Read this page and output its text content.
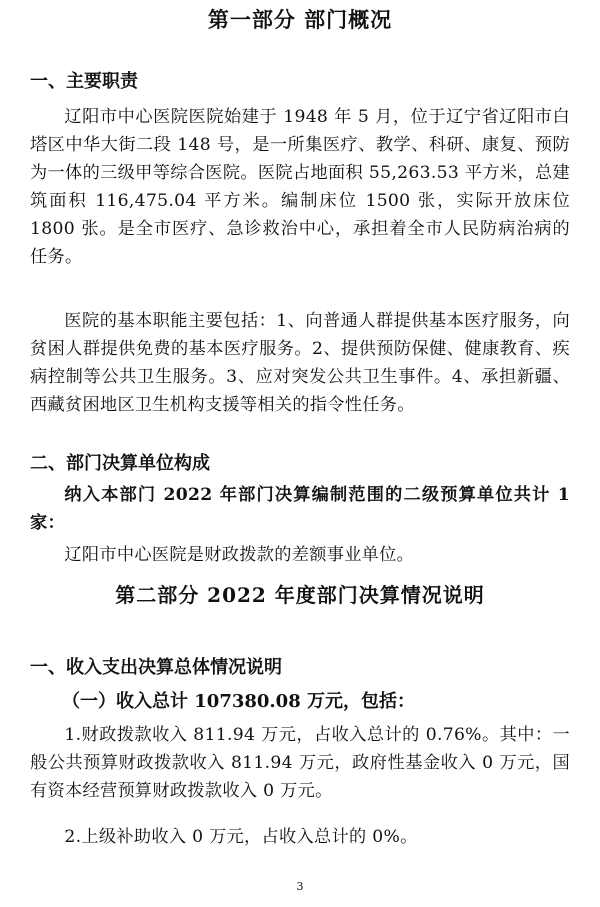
第一部分 部门概况
一、主要职责

辽阳市中心医院医院始建于 1948 年 5 月，位于辽宁省辽阳市白塔区中华大街二段 148 号，是一所集医疗、教学、科研、康复、预防为一体的三级甲等综合医院。医院占地面积 55,263.53 平方米，总建筑面积 116,475.04 平方米。编制床位 1500 张，实际开放床位 1800 张。是全市医疗、急诊救治中心，承担着全市人民防病治病的任务。

医院的基本职能主要包括：1、向普通人群提供基本医疗服务，向贫困人群提供免费的基本医疗服务。2、提供预防保健、健康教育、疾病控制等公共卫生服务。3、应对突发公共卫生事件。4、承担新疆、西藏贫困地区卫生机构支援等相关的指令性任务。

二、部门决算单位构成

纳入本部门 2022 年部门决算编制范围的二级预算单位共计 1 家：

辽阳市中心医院是财政拨款的差额事业单位。

第二部分 2022 年度部门决算情况说明
一、收入支出决算总体情况说明
（一）收入总计 107380.08 万元，包括：

1.财政拨款收入 811.94 万元，占收入总计的 0.76%。其中：一般公共预算财政拨款收入 811.94 万元，政府性基金收入 0 万元，国有资本经营预算财政拨款收入 0 万元。

2.上级补助收入 0 万元，占收入总计的 0%。

3
